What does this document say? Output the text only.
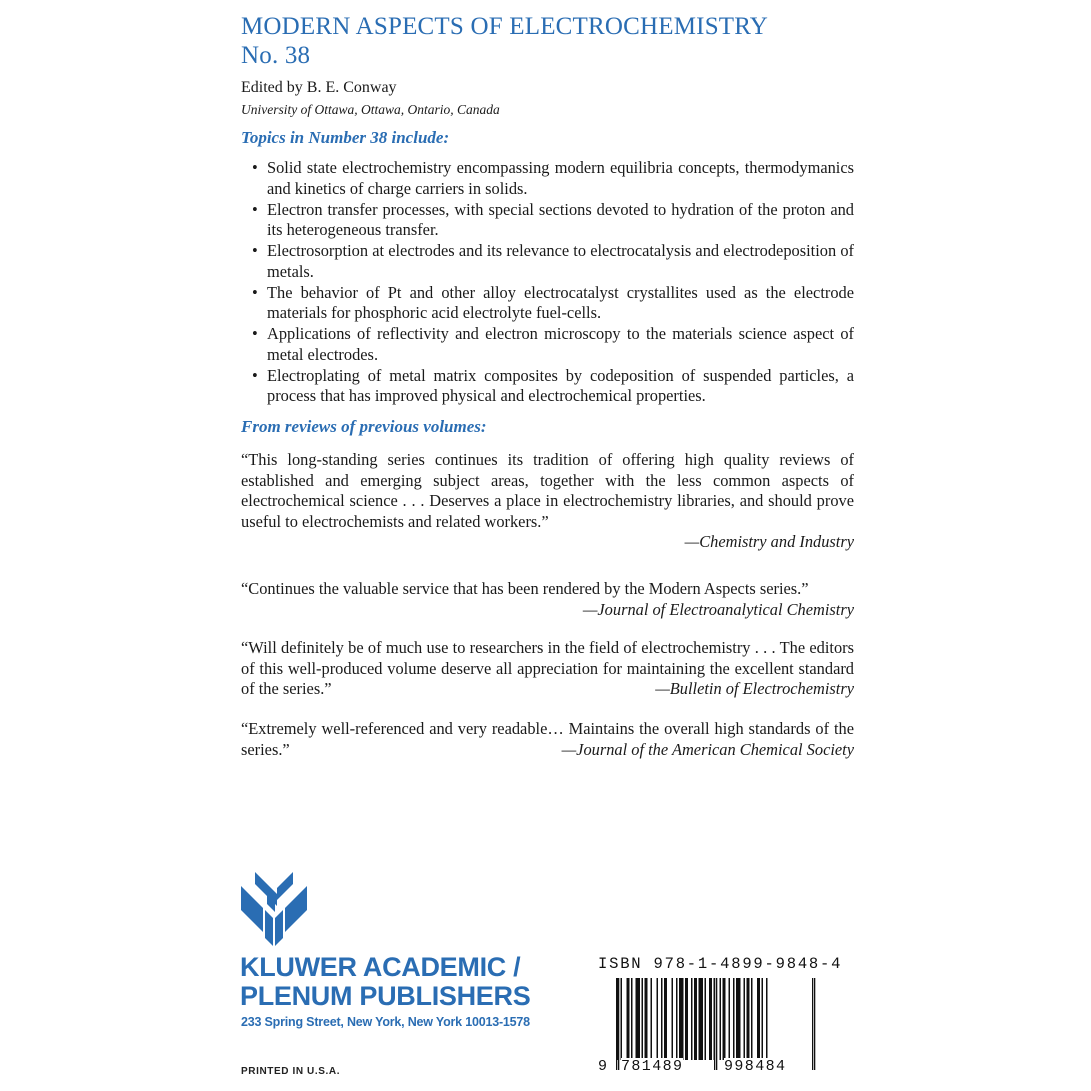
MODERN ASPECTS OF ELECTROCHEMISTRY
No. 38
Edited by B. E. Conway
University of Ottawa, Ottawa, Ontario, Canada
Topics in Number 38 include:
• Solid state electrochemistry encompassing modern equilibria concepts, thermodymanics and kinetics of charge carriers in solids.
• Electron transfer processes, with special sections devoted to hydration of the proton and its heterogeneous transfer.
• Electrosorption at electrodes and its relevance to electrocatalysis and electrodeposition of metals.
• The behavior of Pt and other alloy electrocatalyst crystallites used as the electrode materials for phosphoric acid electrolyte fuel-cells.
• Applications of reflectivity and electron microscopy to the materials science aspect of metal electrodes.
• Electroplating of metal matrix composites by codeposition of suspended particles, a process that has improved physical and electrochemical properties.
From reviews of previous volumes:
“This long-standing series continues its tradition of offering high quality reviews of established and emerging subject areas, together with the less common aspects of electrochemical science . . . Deserves a place in electrochemistry libraries, and should prove useful to electrochemists and related workers.”
—Chemistry and Industry
“Continues the valuable service that has been rendered by the Modern Aspects series.”
—Journal of Electroanalytical Chemistry
“Will definitely be of much use to researchers in the field of electrochemistry . . . The editors of this well-produced volume deserve all appreciation for maintaining the excellent standard of the series.”	—Bulletin of Electrochemistry
“Extremely well-referenced and very readable… Maintains the overall high standards of the series.”	—Journal of the American Chemical Society
KLUWER ACADEMIC /
PLENUM PUBLISHERS
233 Spring Street, New York, New York 10013-1578
PRINTED IN U.S.A.
ISBN 978-1-4899-9848-4
9 781489	998484
